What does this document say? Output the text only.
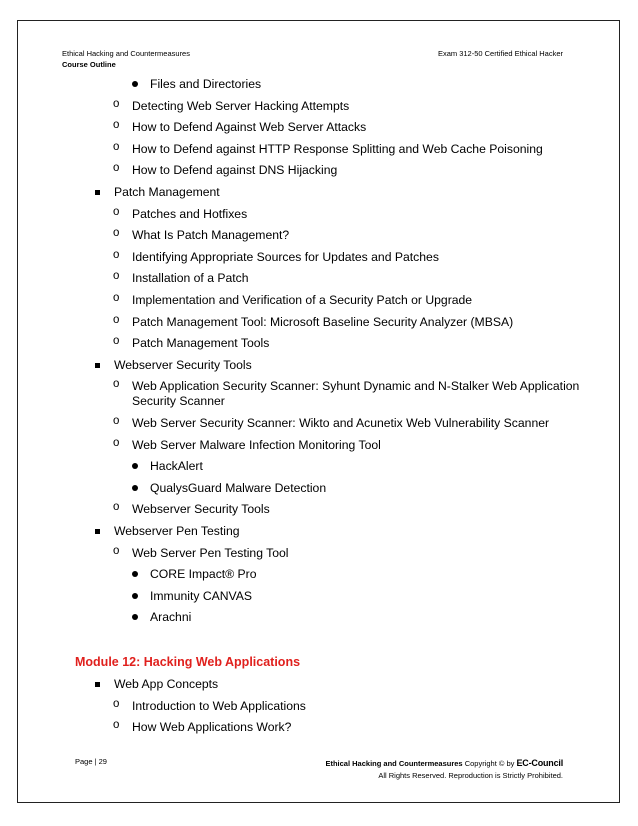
Ethical Hacking and Countermeasures
Course Outline
Exam 312-50 Certified Ethical Hacker
Files and Directories
o Detecting Web Server Hacking Attempts
o How to Defend Against Web Server Attacks
o How to Defend against HTTP Response Splitting and Web Cache Poisoning
o How to Defend against DNS Hijacking
Patch Management
o Patches and Hotfixes
o What Is Patch Management?
o Identifying Appropriate Sources for Updates and Patches
o Installation of a Patch
o Implementation and Verification of a Security Patch or Upgrade
o Patch Management Tool: Microsoft Baseline Security Analyzer (MBSA)
o Patch Management Tools
Webserver Security Tools
o Web Application Security Scanner: Syhunt Dynamic and N-Stalker Web Application
Security Scanner
o Web Server Security Scanner: Wikto and Acunetix Web Vulnerability Scanner
o Web Server Malware Infection Monitoring Tool
HackAlert
QualysGuard Malware Detection
o Webserver Security Tools
Webserver Pen Testing
o Web Server Pen Testing Tool
CORE Impact® Pro
Immunity CANVAS
Arachni
Module 12: Hacking Web Applications
Web App Concepts
o Introduction to Web Applications
o How Web Applications Work?
Page | 29	Ethical Hacking and Countermeasures Copyright © by EC-Council
All Rights Reserved. Reproduction is Strictly Prohibited.
